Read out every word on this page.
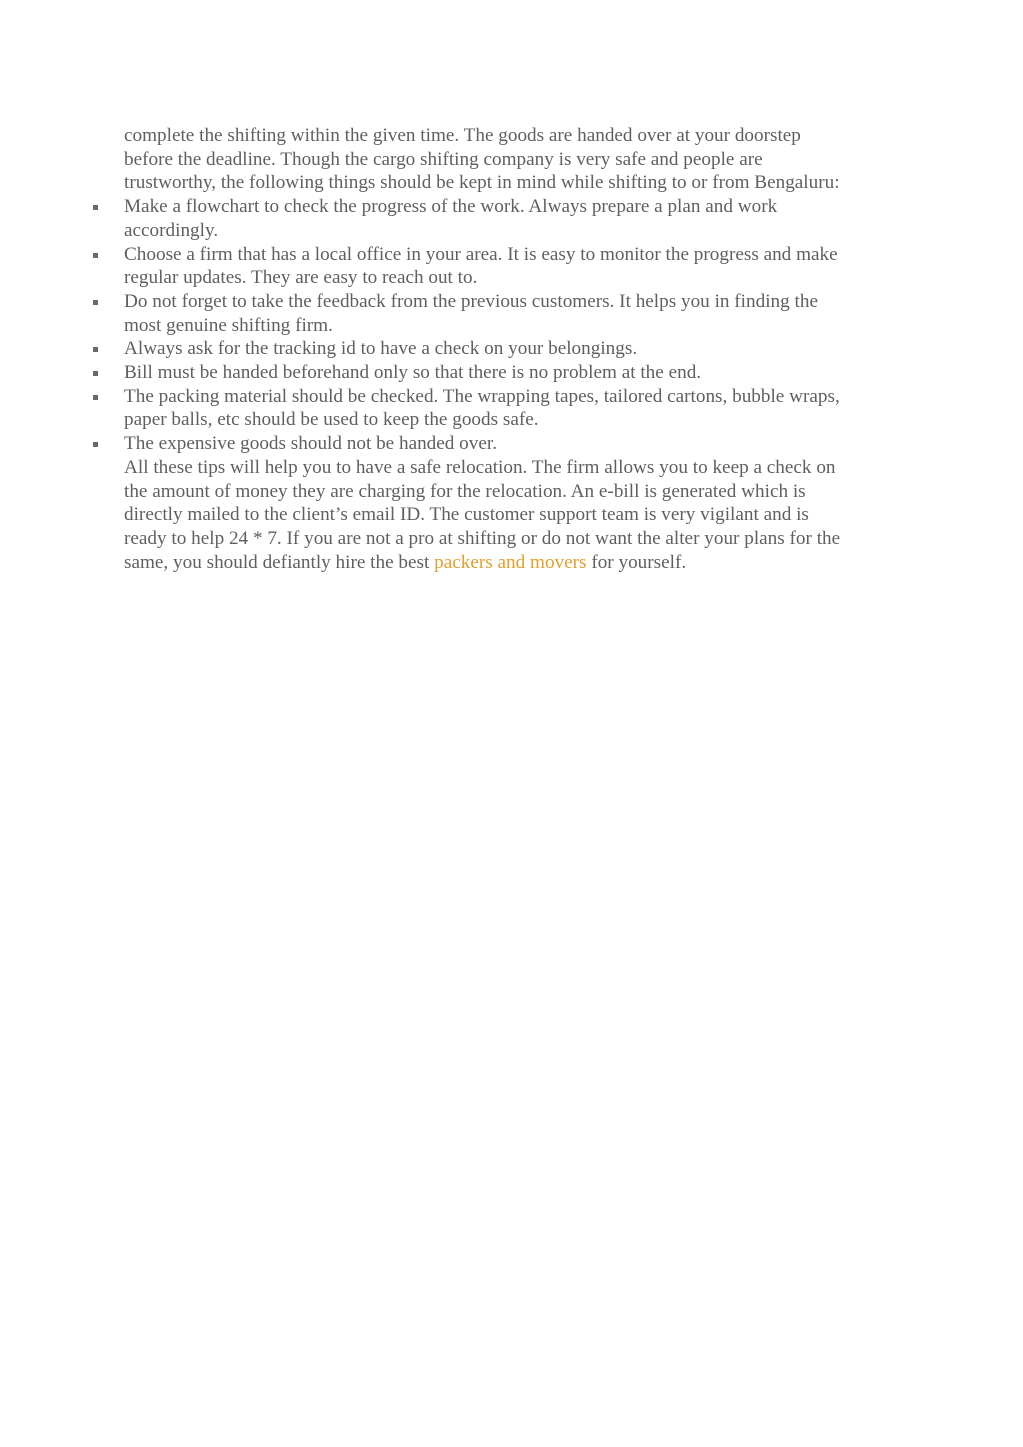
complete the shifting within the given time. The goods are handed over at your doorstep
before the deadline. Though the cargo shifting company is very safe and people are
trustworthy, the following things should be kept in mind while shifting to or from Bengaluru:

Make a flowchart to check the progress of the work. Always prepare a plan and work
accordingly.
Choose a firm that has a local office in your area. It is easy to monitor the progress and make
regular updates. They are easy to reach out to.
Do not forget to take the feedback from the previous customers. It helps you in finding the
most genuine shifting firm.
Always ask for the tracking id to have a check on your belongings.
Bill must be handed beforehand only so that there is no problem at the end.
The packing material should be checked. The wrapping tapes, tailored cartons, bubble wraps,
paper balls, etc should be used to keep the goods safe.
The expensive goods should not be handed over.

All these tips will help you to have a safe relocation. The firm allows you to keep a check on
the amount of money they are charging for the relocation. An e-bill is generated which is
directly mailed to the client’s email ID. The customer support team is very vigilant and is
ready to help 24 * 7. If you are not a pro at shifting or do not want the alter your plans for the
same, you should defiantly hire the best packers and movers for yourself.
